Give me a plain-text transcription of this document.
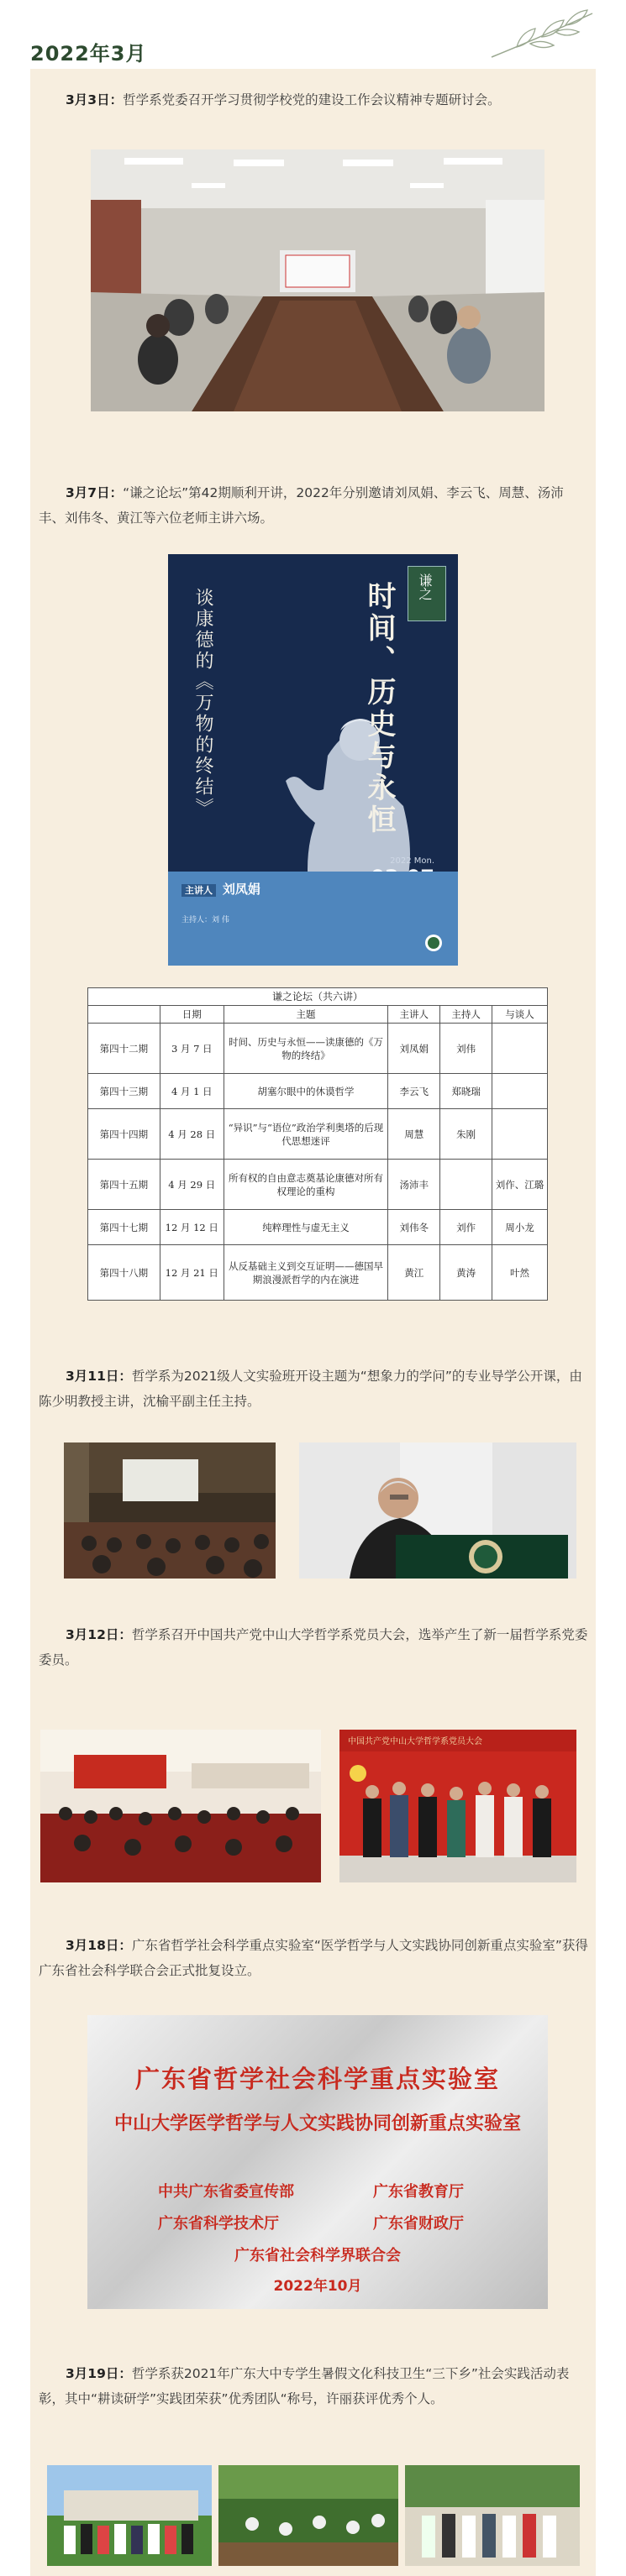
2022年3月
3月3日：哲学系党委召开学习贯彻学校党的建设工作会议精神专题研讨会。
3月7日：“谦之论坛”第42期顺利开讲，2022年分别邀请刘凤娟、李云飞、周慧、汤沛丰、刘伟冬、黄江等六位老师主讲六场。
谦之
时间、历史与永恒
谈康德的《万物的终结》
2022 Mon.
主讲人 刘凤娟
主持人：刘 伟
谦之论坛（共六讲）					
	日期	主题	主讲人	主持人	与谈人
第四十二期	3 月 7 日	时间、历史与永恒——读康德的《万物的终结》	刘凤娟	刘伟	
第四十三期	4 月 1 日	胡塞尔眼中的休谟哲学	李云飞	郑晓瑞	
第四十四期	4 月 28 日	“异识”与“语位”政治学利奥塔的后现代思想迷评	周慧	朱刚	
第四十五期	4 月 29 日	所有权的自由意志奠基论康德对所有权理论的重构	汤沛丰		刘作、江璐
第四十七期	12 月 12 日	纯粹理性与虚无主义	刘伟冬	刘作	周小龙
第四十八期	12 月 21 日	从反基础主义到交互证明——德国早期浪漫派哲学的内在演进	黄江	黄涛	叶然
3月11日：哲学系为2021级人文实验班开设主题为“想象力的学问”的专业导学公开课，由陈少明教授主讲，沈榆平副主任主持。
3月12日：哲学系召开中国共产党中山大学哲学系党员大会，选举产生了新一届哲学系党委委员。
中国共产党中山大学哲学系党员大会
3月18日：广东省哲学社会科学重点实验室“医学哲学与人文实践协同创新重点实验室”获得广东省社会科学联合会正式批复设立。
广东省哲学社会科学重点实验室
中山大学医学哲学与人文实践协同创新重点实验室
中共广东省委宣传部	广东省教育厅
广东省科学技术厅	广东省财政厅
广东省社会科学界联合会
2022年10月
3月19日：哲学系获2021年广东大中专学生暑假文化科技卫生“三下乡”社会实践活动表彰，其中“耕读研学”实践团荣获”优秀团队“称号，许丽获评优秀个人。
